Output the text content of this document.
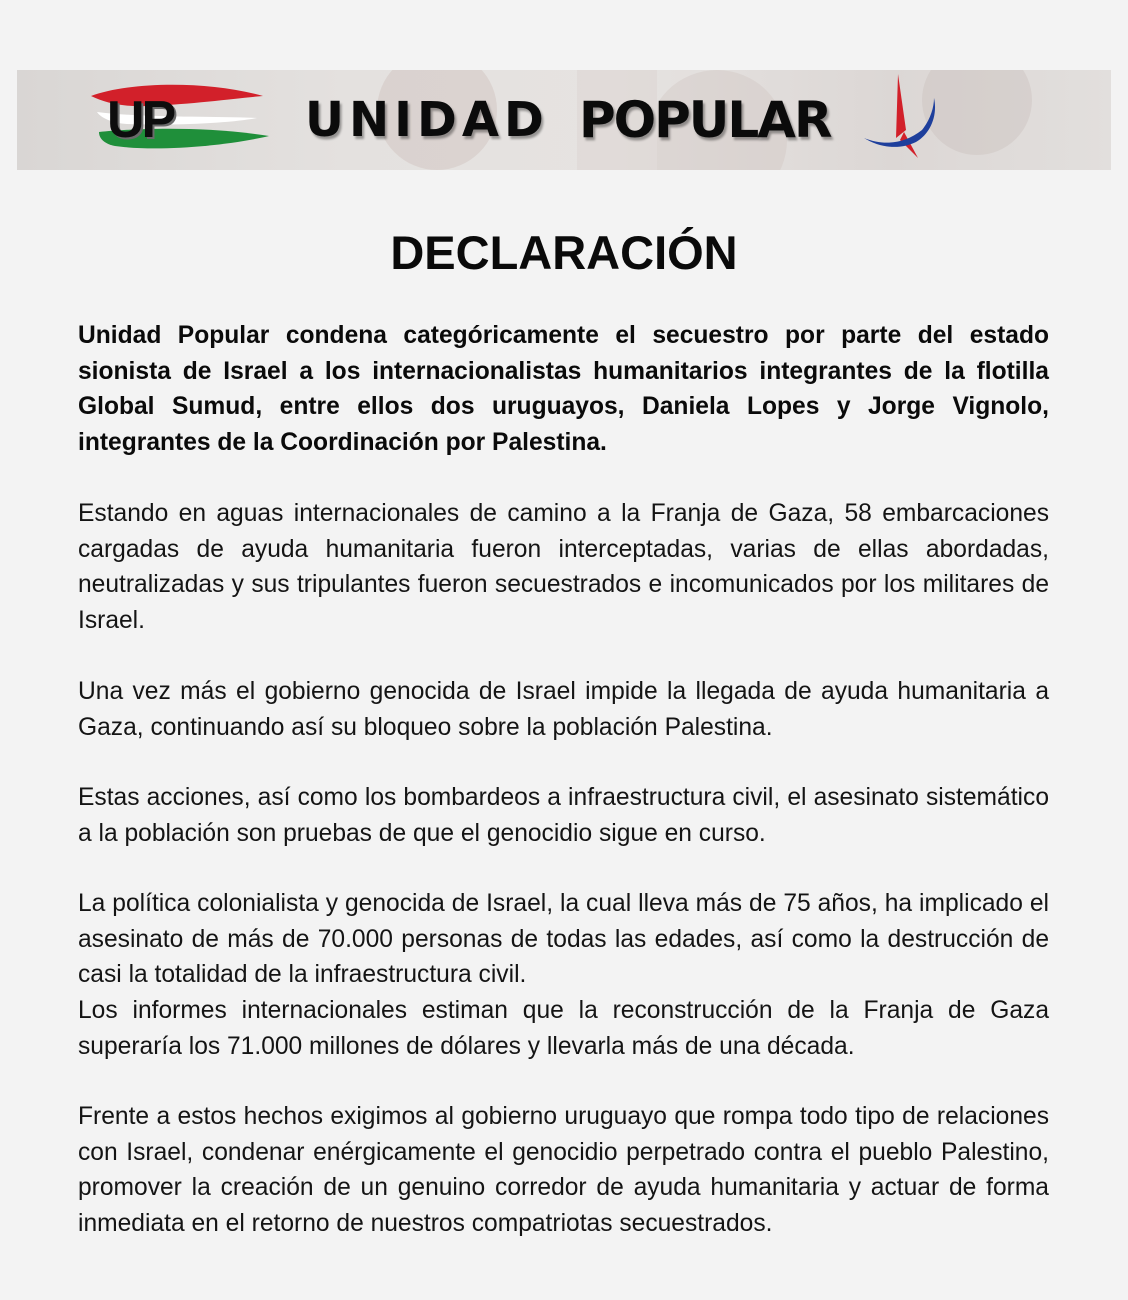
UP	UNIDAD POPULAR
DECLARACIÓN

Unidad Popular condena categóricamente el secuestro por parte del estado sionista de Israel a los internacionalistas humanitarios integrantes de la flotilla Global Sumud, entre ellos dos uruguayos, Daniela Lopes y Jorge Vignolo, integrantes de la Coordinación por Palestina.

Estando en aguas internacionales de camino a la Franja de Gaza, 58 embarcaciones cargadas de ayuda humanitaria fueron interceptadas, varias de ellas abordadas, neutralizadas y sus tripulantes fueron secuestrados e incomunicados por los militares de Israel.

Una vez más el gobierno genocida de Israel impide la llegada de ayuda humanitaria a Gaza, continuando así su bloqueo sobre la población Palestina.

Estas acciones, así como los bombardeos a infraestructura civil, el asesinato sistemático a la población son pruebas de que el genocidio sigue en curso.

La política colonialista y genocida de Israel, la cual lleva más de 75 años, ha implicado el asesinato de más de 70.000 personas de todas las edades, así como la destrucción de casi la totalidad de la infraestructura civil.

Los informes internacionales estiman que la reconstrucción de la Franja de Gaza superaría los 71.000 millones de dólares y llevarla más de una década.

Frente a estos hechos exigimos al gobierno uruguayo que rompa todo tipo de relaciones con Israel, condenar enérgicamente el genocidio perpetrado contra el pueblo Palestino, promover la creación de un genuino corredor de ayuda humanitaria y actuar de forma inmediata en el retorno de nuestros compatriotas secuestrados.
